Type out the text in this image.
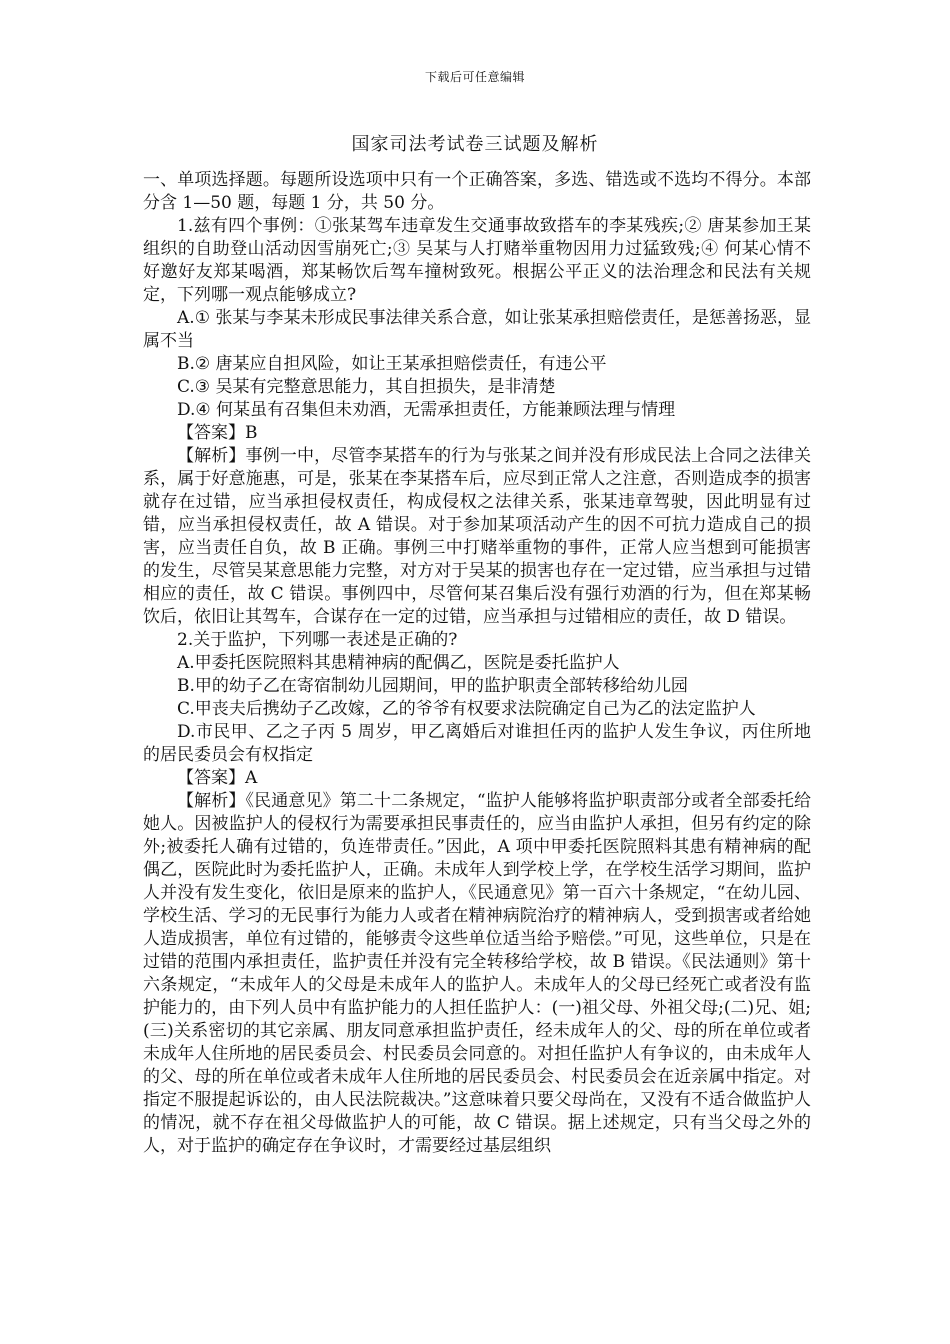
下载后可任意编辑
国家司法考试卷三试题及解析

一、单项选择题。每题所设选项中只有一个正确答案，多选、错选或不选均不得分。本部分含 1—50 题，每题 1 分，共 50 分。

1.兹有四个事例：①张某驾车违章发生交通事故致搭车的李某残疾;② 唐某参加王某组织的自助登山活动因雪崩死亡;③ 吴某与人打赌举重物因用力过猛致残;④ 何某心情不好邀好友郑某喝酒，郑某畅饮后驾车撞树致死。根据公平正义的法治理念和民法有关规定，下列哪一观点能够成立?

A.① 张某与李某未形成民事法律关系合意，如让张某承担赔偿责任，是惩善扬恶，显属不当

B.② 唐某应自担风险，如让王某承担赔偿责任，有违公平

C.③ 吴某有完整意思能力，其自担损失，是非清楚

D.④ 何某虽有召集但未劝酒，无需承担责任，方能兼顾法理与情理

【答案】B

【解析】事例一中，尽管李某搭车的行为与张某之间并没有形成民法上合同之法律关系，属于好意施惠，可是，张某在李某搭车后，应尽到正常人之注意，否则造成李的损害就存在过错，应当承担侵权责任，构成侵权之法律关系，张某违章驾驶，因此明显有过错，应当承担侵权责任，故 A 错误。对于参加某项活动产生的因不可抗力造成自己的损害，应当责任自负，故 B 正确。事例三中打赌举重物的事件，正常人应当想到可能损害的发生，尽管吴某意思能力完整，对方对于吴某的损害也存在一定过错，应当承担与过错相应的责任，故 C 错误。事例四中，尽管何某召集后没有强行劝酒的行为，但在郑某畅饮后，依旧让其驾车，合谋存在一定的过错，应当承担与过错相应的责任，故 D 错误。

2.关于监护，下列哪一表述是正确的?

A.甲委托医院照料其患精神病的配偶乙，医院是委托监护人

B.甲的幼子乙在寄宿制幼儿园期间，甲的监护职责全部转移给幼儿园

C.甲丧夫后携幼子乙改嫁，乙的爷爷有权要求法院确定自己为乙的法定监护人

D.市民甲、乙之子丙 5 周岁，甲乙离婚后对谁担任丙的监护人发生争议，丙住所地的居民委员会有权指定

【答案】A

【解析】《民通意见》第二十二条规定，“监护人能够将监护职责部分或者全部委托给她人。因被监护人的侵权行为需要承担民事责任的，应当由监护人承担，但另有约定的除外;被委托人确有过错的，负连带责任。”因此，A 项中甲委托医院照料其患有精神病的配偶乙，医院此时为委托监护人，正确。未成年人到学校上学，在学校生活学习期间，监护人并没有发生变化，依旧是原来的监护人，《民通意见》第一百六十条规定，“在幼儿园、学校生活、学习的无民事行为能力人或者在精神病院治疗的精神病人，受到损害或者给她人造成损害，单位有过错的，能够责令这些单位适当给予赔偿。”可见，这些单位，只是在过错的范围内承担责任，监护责任并没有完全转移给学校，故 B 错误。《民法通则》第十六条规定，“未成年人的父母是未成年人的监护人。未成年人的父母已经死亡或者没有监护能力的，由下列人员中有监护能力的人担任监护人：(一)祖父母、外祖父母;(二)兄、姐;(三)关系密切的其它亲属、朋友同意承担监护责任，经未成年人的父、母的所在单位或者未成年人住所地的居民委员会、村民委员会同意的。对担任监护人有争议的，由未成年人的父、母的所在单位或者未成年人住所地的居民委员会、村民委员会在近亲属中指定。对指定不服提起诉讼的，由人民法院裁决。”这意味着只要父母尚在，又没有不适合做监护人的情况，就不存在祖父母做监护人的可能，故 C 错误。据上述规定，只有当父母之外的人，对于监护的确定存在争议时，才需要经过基层组织
